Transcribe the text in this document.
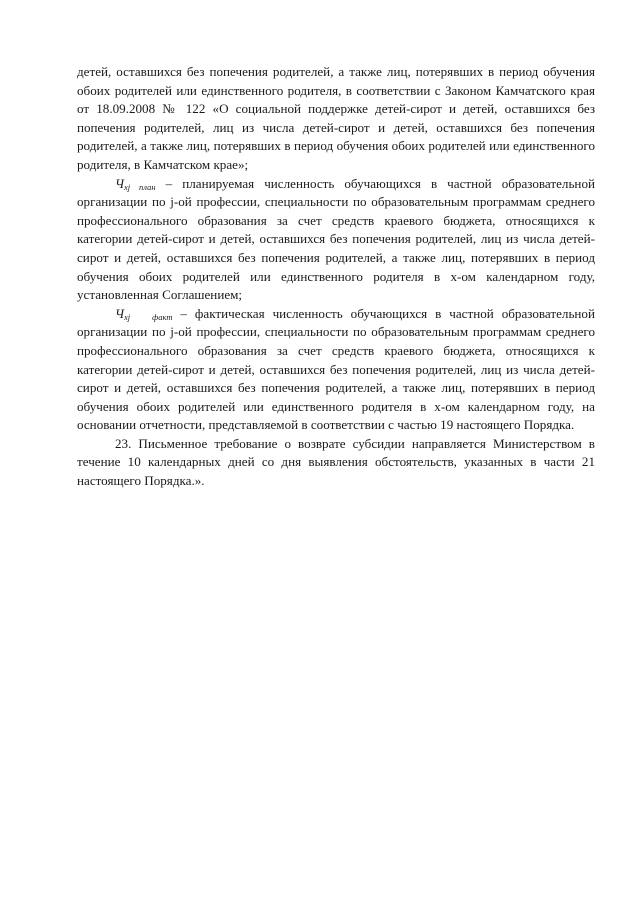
детей, оставшихся без попечения родителей, а также лиц, потерявших в период обучения обоих родителей или единственного родителя, в соответствии с Законом Камчатского края от 18.09.2008 № 122 «О социальной поддержке детей-сирот и детей, оставшихся без попечения родителей, лиц из числа детей-сирот и детей, оставшихся без попечения родителей, а также лиц, потерявших в период обучения обоих родителей или единственного родителя, в Камчатском крае»;

$Ч_{xj план}$ – планируемая численность обучающихся в частной образовательной организации по j-ой профессии, специальности по образовательным программам среднего профессионального образования за счет средств краевого бюджета, относящихся к категории детей-сирот и детей, оставшихся без попечения родителей, лиц из числа детей-сирот и детей, оставшихся без попечения родителей, а также лиц, потерявших в период обучения обоих родителей или единственного родителя в x-ом календарном году, установленная Соглашением;

$Ч_{xj}$	$_{факт}$ – фактическая численность обучающихся в частной образовательной организации по j-ой профессии, специальности по образовательным программам среднего профессионального образования за счет средств краевого бюджета, относящихся к категории детей-сирот и детей, оставшихся без попечения родителей, лиц из числа детей-сирот и детей, оставшихся без попечения родителей, а также лиц, потерявших в период обучения обоих родителей или единственного родителя в x-ом календарном году, на основании отчетности, представляемой в соответствии с частью 19 настоящего Порядка.

23. Письменное требование о возврате субсидии направляется Министерством в течение 10 календарных дней со дня выявления обстоятельств, указанных в части 21 настоящего Порядка.».
